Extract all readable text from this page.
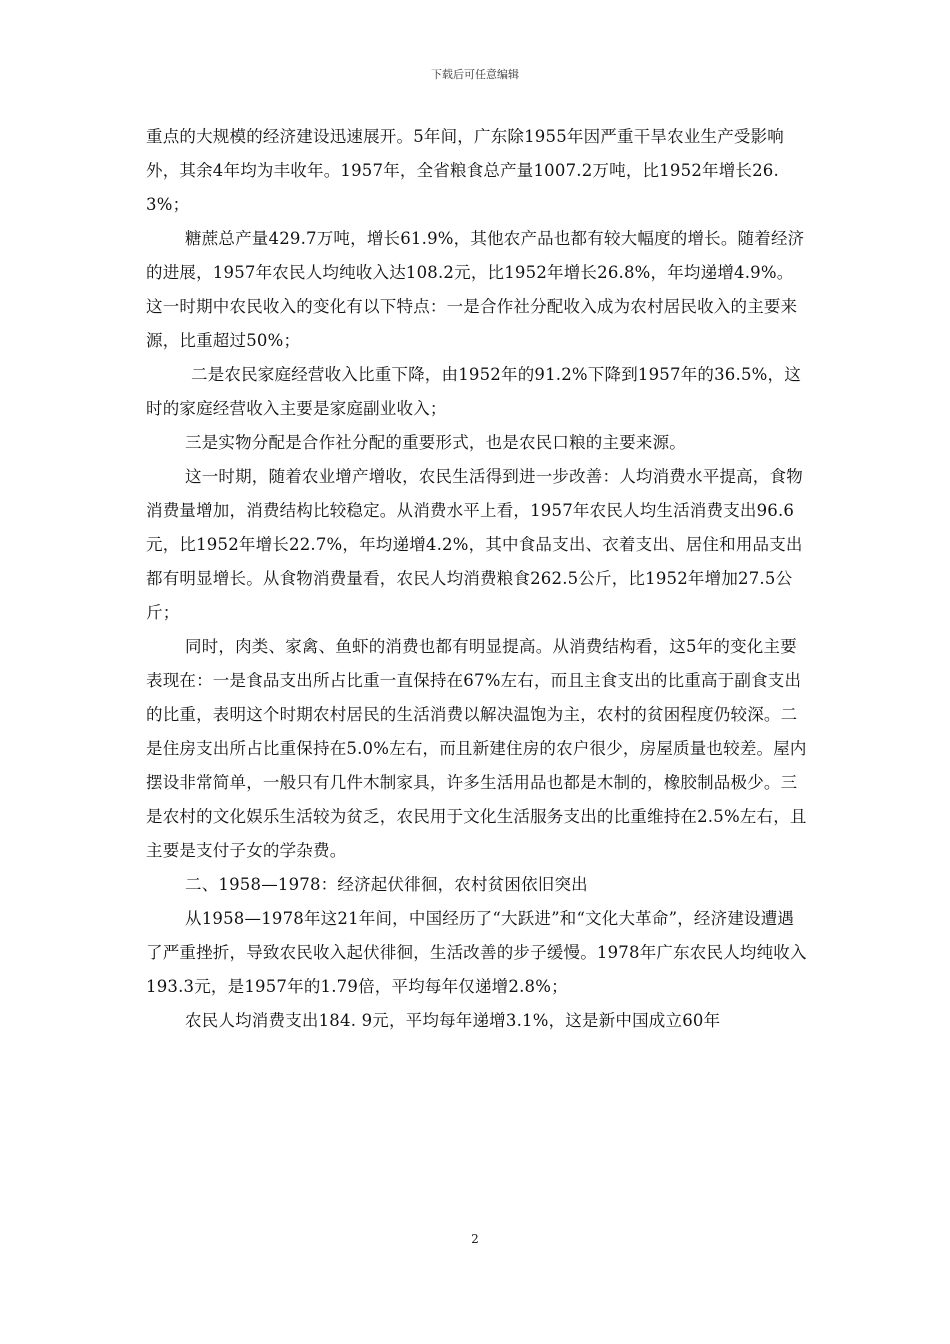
下载后可任意编辑

重点的大规模的经济建设迅速展开。5年间，广东除1955年因严重干旱农业生产受影响外，其余4年均为丰收年。1957年，全省粮食总产量1007.2万吨，比1952年增长26.3%；

糖蔗总产量429.7万吨，增长61.9%，其他农产品也都有较大幅度的增长。随着经济的进展，1957年农民人均纯收入达108.2元，比1952年增长26.8%，年均递增4.9%。这一时期中农民收入的变化有以下特点：一是合作社分配收入成为农村居民收入的主要来源，比重超过50%；

二是农民家庭经营收入比重下降，由1952年的91.2%下降到1957年的36.5%，这时的家庭经营收入主要是家庭副业收入；

三是实物分配是合作社分配的重要形式，也是农民口粮的主要来源。

这一时期，随着农业增产增收，农民生活得到进一步改善：人均消费水平提高，食物消费量增加，消费结构比较稳定。从消费水平上看，1957年农民人均生活消费支出96.6元，比1952年增长22.7%，年均递增4.2%，其中食品支出、衣着支出、居住和用品支出都有明显增长。从食物消费量看，农民人均消费粮食262.5公斤，比1952年增加27.5公斤；

同时，肉类、家禽、鱼虾的消费也都有明显提高。从消费结构看，这5年的变化主要表现在：一是食品支出所占比重一直保持在67%左右，而且主食支出的比重高于副食支出的比重，表明这个时期农村居民的生活消费以解决温饱为主，农村的贫困程度仍较深。二是住房支出所占比重保持在5.0%左右，而且新建住房的农户很少，房屋质量也较差。屋内摆设非常简单，一般只有几件木制家具，许多生活用品也都是木制的，橡胶制品极少。三是农村的文化娱乐生活较为贫乏，农民用于文化生活服务支出的比重维持在2.5%左右，且主要是支付子女的学杂费。

二、1958—1978：经济起伏徘徊，农村贫困依旧突出

从1958—1978年这21年间，中国经历了“大跃进”和“文化大革命”，经济建设遭遇了严重挫折，导致农民收入起伏徘徊，生活改善的步子缓慢。1978年广东农民人均纯收入193.3元，是1957年的1.79倍，平均每年仅递增2.8%；

农民人均消费支出184. 9元，平均每年递增3.1%，这是新中国成立60年

2
